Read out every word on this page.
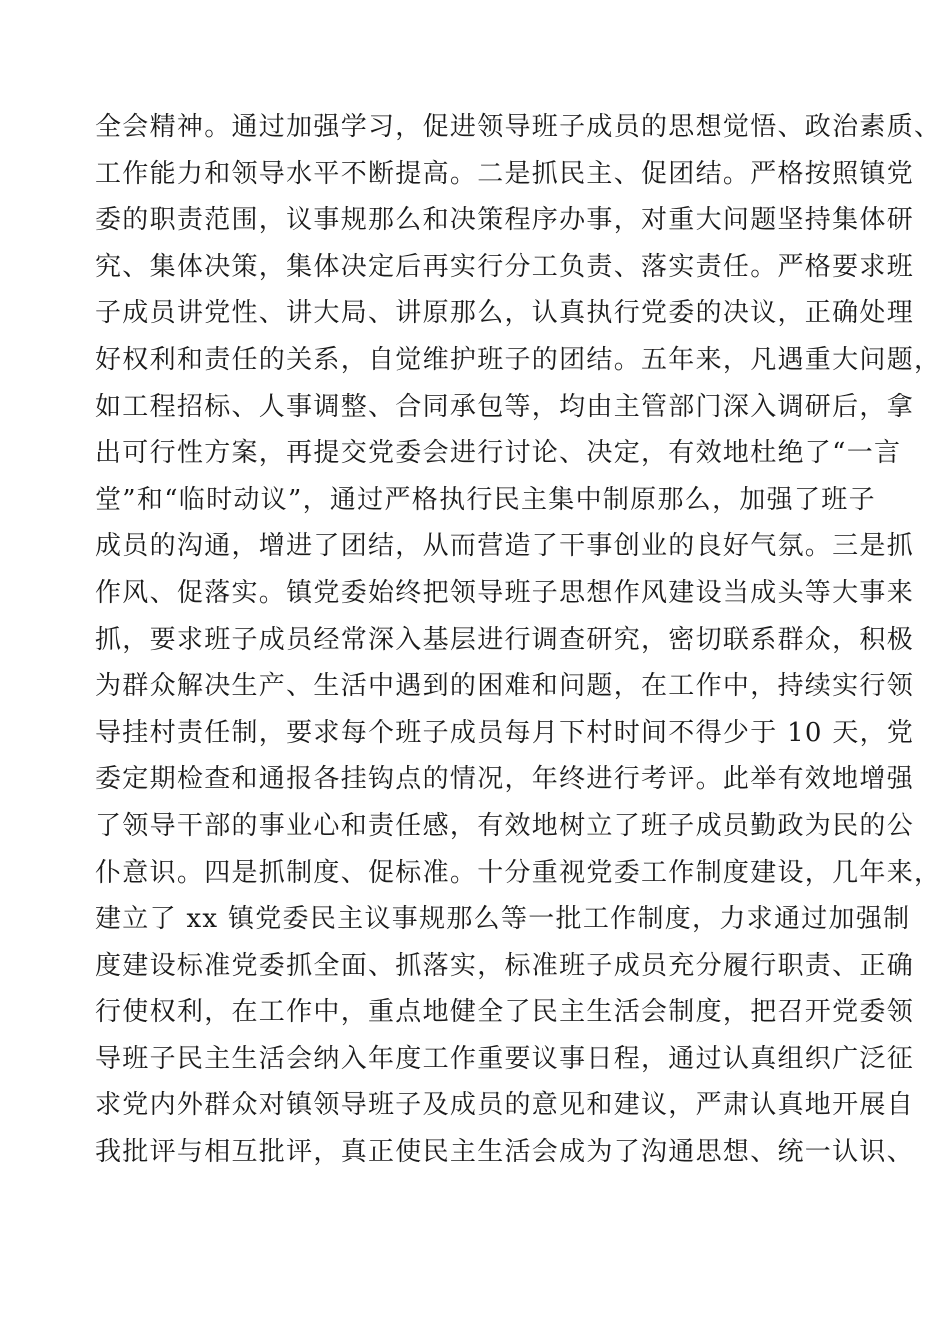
全会精神。通过加强学习，促进领导班子成员的思想觉悟、政治素质、
工作能力和领导水平不断提高。二是抓民主、促团结。严格按照镇党
委的职责范围，议事规那么和决策程序办事，对重大问题坚持集体研
究、集体决策，集体决定后再实行分工负责、落实责任。严格要求班
子成员讲党性、讲大局、讲原那么，认真执行党委的决议，正确处理
好权利和责任的关系，自觉维护班子的团结。五年来，凡遇重大问题，
如工程招标、人事调整、合同承包等，均由主管部门深入调研后，拿
出可行性方案，再提交党委会进行讨论、决定，有效地杜绝了“一言
堂”和“临时动议”，通过严格执行民主集中制原那么，加强了班子
成员的沟通，增进了团结，从而营造了干事创业的良好气氛。三是抓
作风、促落实。镇党委始终把领导班子思想作风建设当成头等大事来
抓，要求班子成员经常深入基层进行调查研究，密切联系群众，积极
为群众解决生产、生活中遇到的困难和问题，在工作中，持续实行领
导挂村责任制，要求每个班子成员每月下村时间不得少于 10 天，党
委定期检查和通报各挂钩点的情况，年终进行考评。此举有效地增强
了领导干部的事业心和责任感，有效地树立了班子成员勤政为民的公
仆意识。四是抓制度、促标准。十分重视党委工作制度建设，几年来，
建立了 xx 镇党委民主议事规那么等一批工作制度，力求通过加强制
度建设标准党委抓全面、抓落实，标准班子成员充分履行职责、正确
行使权利，在工作中，重点地健全了民主生活会制度，把召开党委领
导班子民主生活会纳入年度工作重要议事日程，通过认真组织广泛征
求党内外群众对镇领导班子及成员的意见和建议，严肃认真地开展自
我批评与相互批评，真正使民主生活会成为了沟通思想、统一认识、
